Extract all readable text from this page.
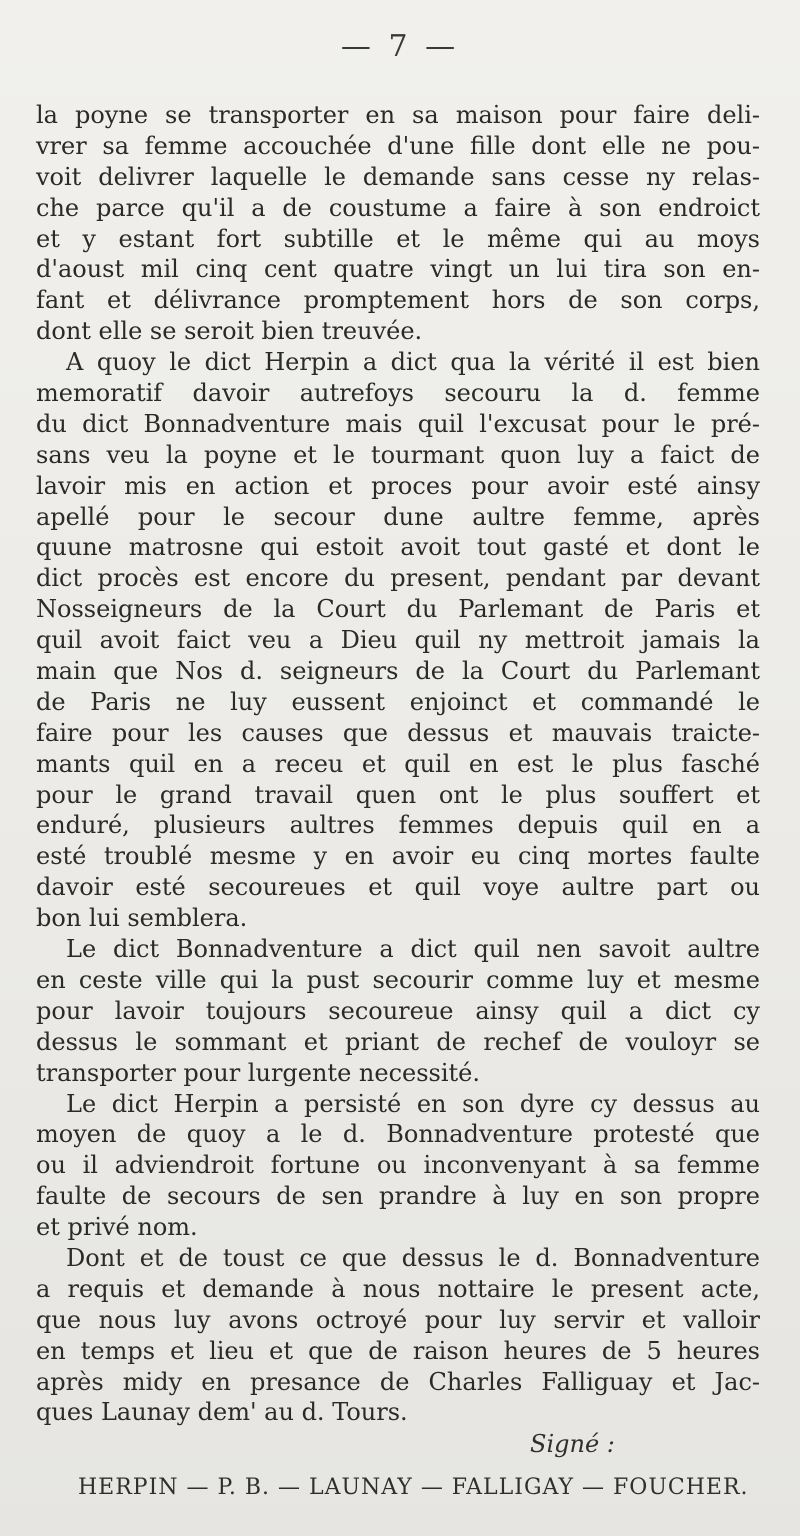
— 7 —
la poyne se transporter en sa maison pour faire deli-
vrer sa femme accouchée d'une fille dont elle ne pou-
voit delivrer laquelle le demande sans cesse ny relas-
che parce qu'il a de coustume a faire à son endroict
et y estant fort subtille et le même qui au moys
d'aoust mil cinq cent quatre vingt un lui tira son en-
fant et délivrance promptement hors de son corps,
dont elle se seroit bien treuvée.
A quoy le dict Herpin a dict qua la vérité il est bien
memoratif davoir autrefoys secouru la d. femme
du dict Bonnadventure mais quil l'excusat pour le pré-
sans veu la poyne et le tourmant quon luy a faict de
lavoir mis en action et proces pour avoir esté ainsy
apellé pour le secour dune aultre femme, après
quune matrosne qui estoit avoit tout gasté et dont le
dict procès est encore du present, pendant par devant
Nosseigneurs de la Court du Parlemant de Paris et
quil avoit faict veu a Dieu quil ny mettroit jamais la
main que Nos d. seigneurs de la Court du Parlemant
de Paris ne luy eussent enjoinct et commandé le
faire pour les causes que dessus et mauvais traicte-
mants quil en a receu et quil en est le plus fasché
pour le grand travail quen ont le plus souffert et
enduré, plusieurs aultres femmes depuis quil en a
esté troublé mesme y en avoir eu cinq mortes faulte
davoir esté secoureues et quil voye aultre part ou
bon lui semblera.
Le dict Bonnadventure a dict quil nen savoit aultre
en ceste ville qui la pust secourir comme luy et mesme
pour lavoir toujours secoureue ainsy quil a dict cy
dessus le sommant et priant de rechef de vouloyr se
transporter pour lurgente necessité.
Le dict Herpin a persisté en son dyre cy dessus au
moyen de quoy a le d. Bonnadventure protesté que
ou il adviendroit fortune ou inconvenyant à sa femme
faulte de secours de sen prandre à luy en son propre
et privé nom.
Dont et de toust ce que dessus le d. Bonnadventure
a requis et demande à nous nottaire le present acte,
que nous luy avons octroyé pour luy servir et valloir
en temps et lieu et que de raison heures de 5 heures
après midy en presance de Charles Falliguay et Jac-
ques Launay dem' au d. Tours.
Signé :
HERPIN — P. B. — LAUNAY — FALLIGAY — FOUCHER.
